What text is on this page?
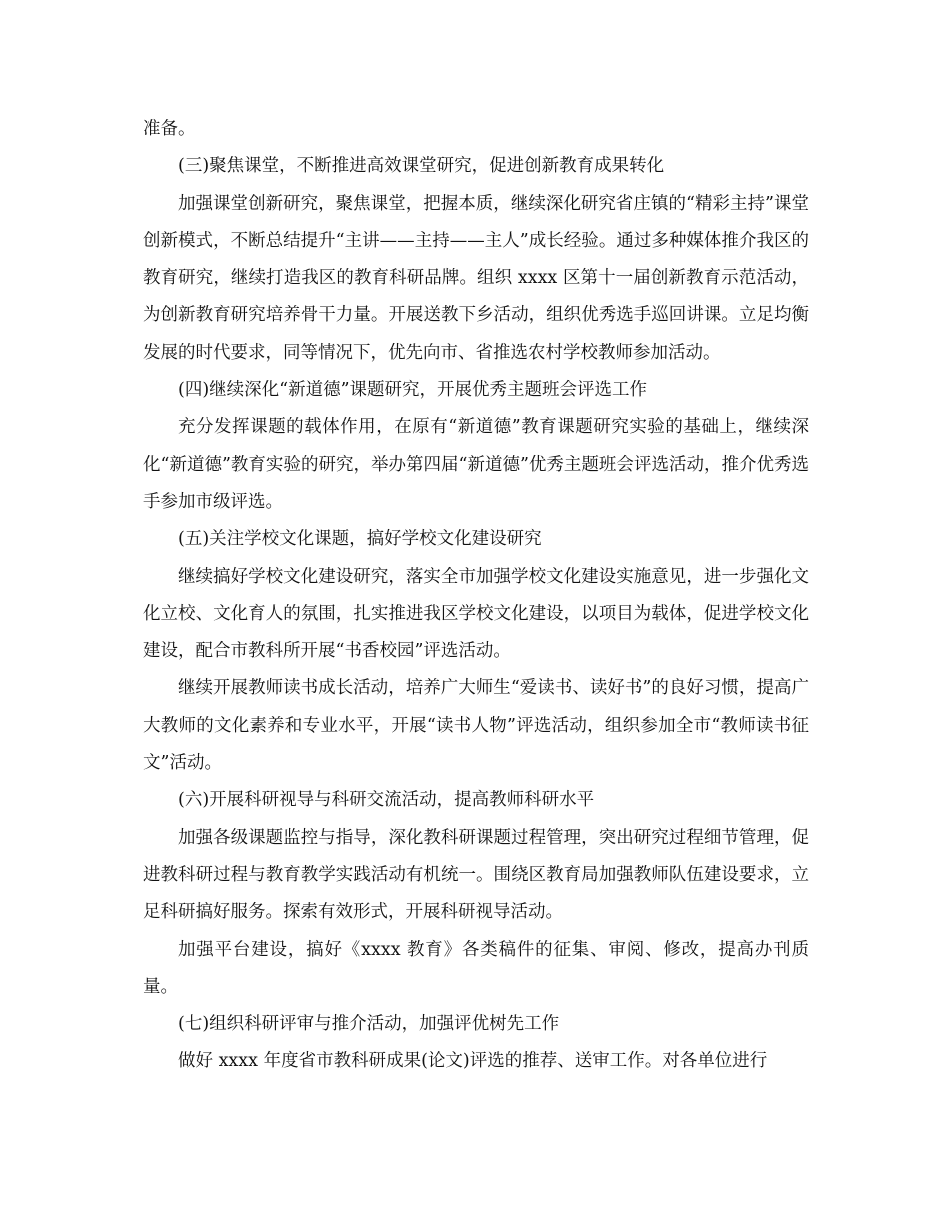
准备。

(三)聚焦课堂，不断推进高效课堂研究，促进创新教育成果转化

加强课堂创新研究，聚焦课堂，把握本质，继续深化研究省庄镇的“精彩主持”课堂创新模式，不断总结提升“主讲——主持——主人”成长经验。通过多种媒体推介我区的教育研究，继续打造我区的教育科研品牌。组织 xxxx 区第十一届创新教育示范活动，为创新教育研究培养骨干力量。开展送教下乡活动，组织优秀选手巡回讲课。立足均衡发展的时代要求，同等情况下，优先向市、省推选农村学校教师参加活动。

(四)继续深化“新道德”课题研究，开展优秀主题班会评选工作

充分发挥课题的载体作用，在原有“新道德”教育课题研究实验的基础上，继续深化“新道德”教育实验的研究，举办第四届“新道德”优秀主题班会评选活动，推介优秀选手参加市级评选。

(五)关注学校文化课题，搞好学校文化建设研究

继续搞好学校文化建设研究，落实全市加强学校文化建设实施意见，进一步强化文化立校、文化育人的氛围，扎实推进我区学校文化建设，以项目为载体，促进学校文化建设，配合市教科所开展“书香校园”评选活动。

继续开展教师读书成长活动，培养广大师生“爱读书、读好书”的良好习惯，提高广大教师的文化素养和专业水平，开展“读书人物”评选活动，组织参加全市“教师读书征文”活动。

(六)开展科研视导与科研交流活动，提高教师科研水平

加强各级课题监控与指导，深化教科研课题过程管理，突出研究过程细节管理，促进教科研过程与教育教学实践活动有机统一。围绕区教育局加强教师队伍建设要求，立足科研搞好服务。探索有效形式，开展科研视导活动。

加强平台建设，搞好《xxxx 教育》各类稿件的征集、审阅、修改，提高办刊质量。

(七)组织科研评审与推介活动，加强评优树先工作

做好 xxxx 年度省市教科研成果(论文)评选的推荐、送审工作。对各单位进行
